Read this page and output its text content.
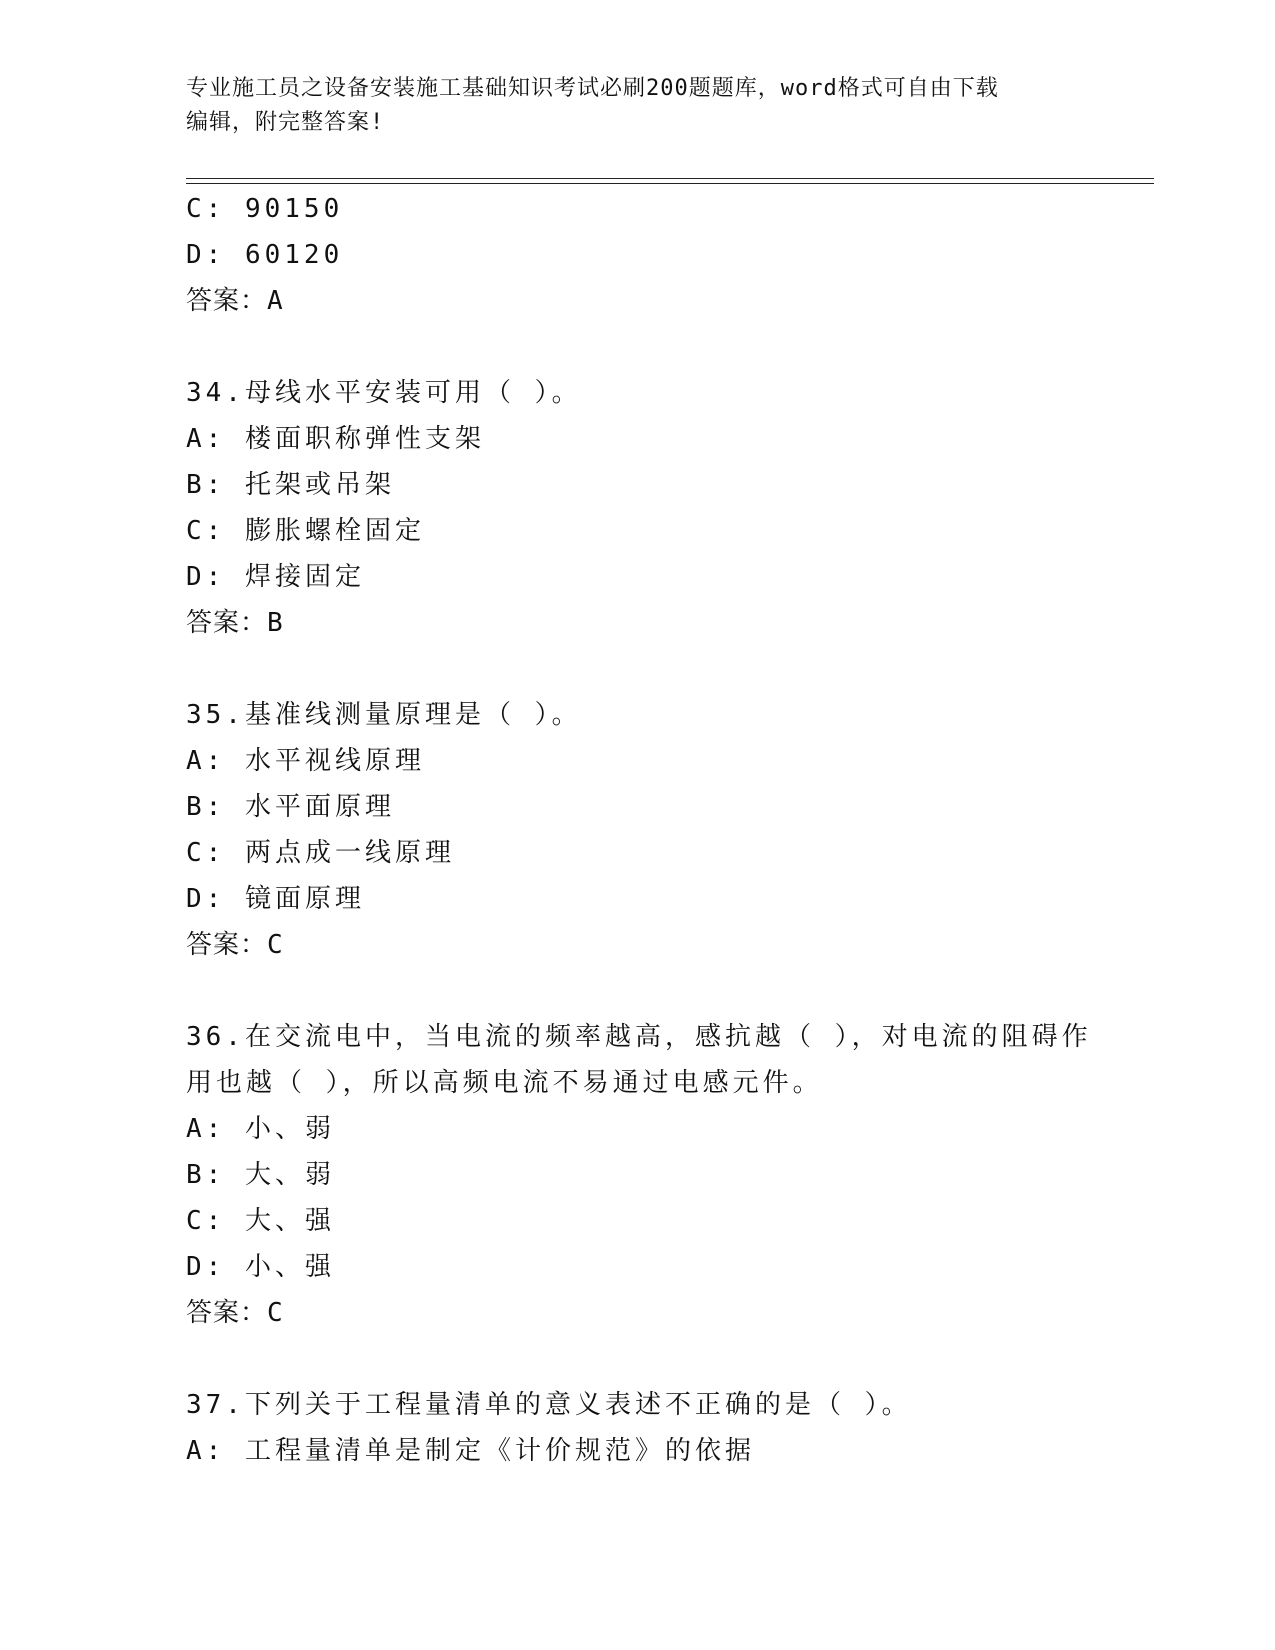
专业施工员之设备安装施工基础知识考试必刷200题题库，word格式可自由下载
编辑，附完整答案!
C: 90150
D: 60120
答案：A
34.母线水平安装可用（ ）。
A: 楼面职称弹性支架
B: 托架或吊架
C: 膨胀螺栓固定
D: 焊接固定
答案：B
35.基准线测量原理是（ ）。
A: 水平视线原理
B: 水平面原理
C: 两点成一线原理
D: 镜面原理
答案：C
36.在交流电中，当电流的频率越高，感抗越（ ），对电流的阻碍作
用也越（ ），所以高频电流不易通过电感元件。
A: 小、弱
B: 大、弱
C: 大、强
D: 小、强
答案：C
37.下列关于工程量清单的意义表述不正确的是（ ）。
A: 工程量清单是制定《计价规范》的依据
